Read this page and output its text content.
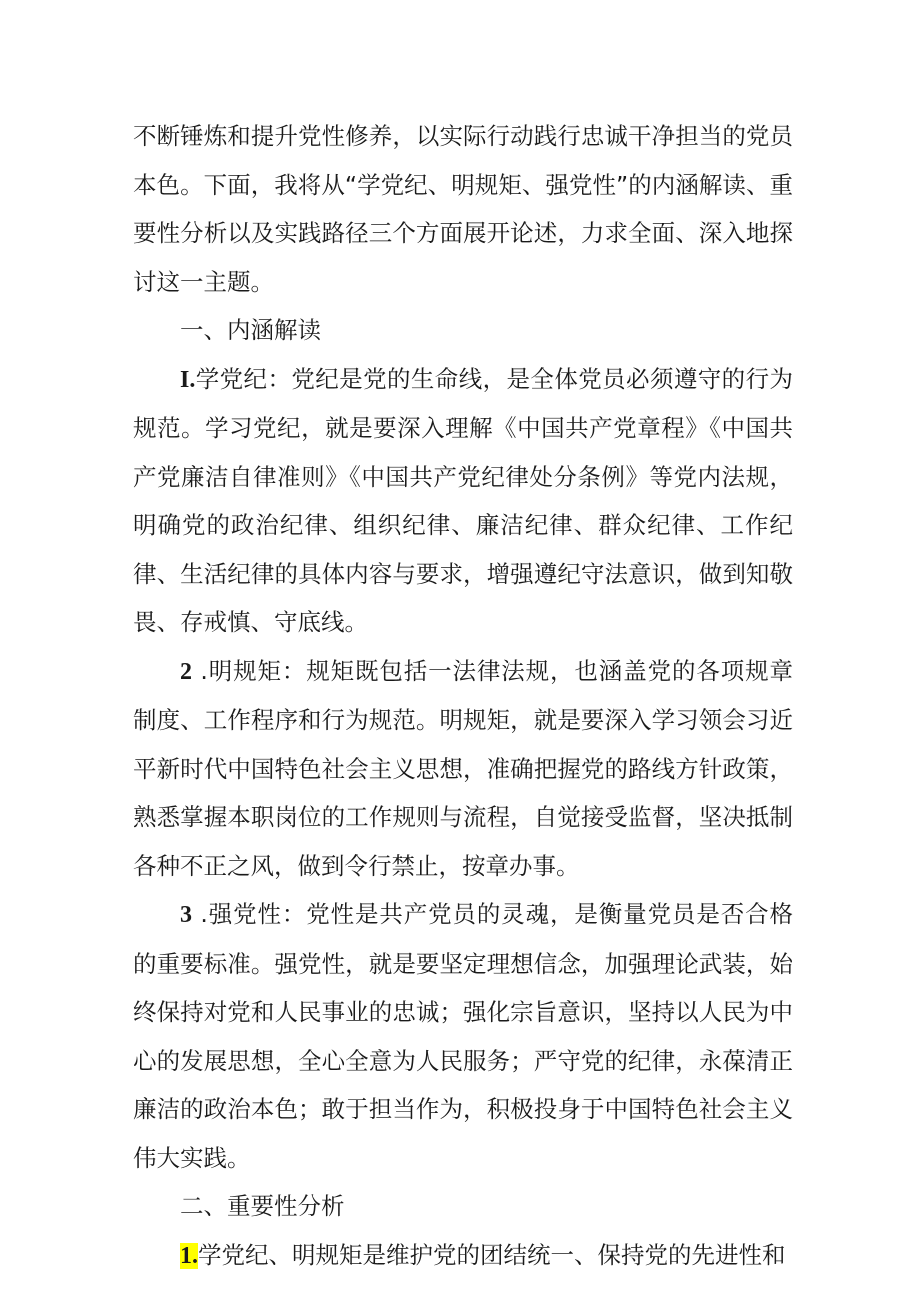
不断锤炼和提升党性修养，以实际行动践行忠诚干净担当的党员本色。下面，我将从“学党纪、明规矩、强党性”的内涵解读、重要性分析以及实践路径三个方面展开论述，力求全面、深入地探讨这一主题。

一、内涵解读

I.学党纪：党纪是党的生命线，是全体党员必须遵守的行为规范。学习党纪，就是要深入理解《中国共产党章程》《中国共产党廉洁自律准则》《中国共产党纪律处分条例》等党内法规，明确党的政治纪律、组织纪律、廉洁纪律、群众纪律、工作纪律、生活纪律的具体内容与要求，增强遵纪守法意识，做到知敬畏、存戒慎、守底线。

2 .明规矩：规矩既包括一法律法规，也涵盖党的各项规章制度、工作程序和行为规范。明规矩，就是要深入学习领会习近平新时代中国特色社会主义思想，准确把握党的路线方针政策，熟悉掌握本职岗位的工作规则与流程，自觉接受监督，坚决抵制各种不正之风，做到令行禁止，按章办事。

3 .强党性：党性是共产党员的灵魂，是衡量党员是否合格的重要标准。强党性，就是要坚定理想信念，加强理论武装，始终保持对党和人民事业的忠诚；强化宗旨意识，坚持以人民为中心的发展思想，全心全意为人民服务；严守党的纪律，永葆清正廉洁的政治本色；敢于担当作为，积极投身于中国特色社会主义伟大实践。

二、重要性分析

1.学党纪、明规矩是维护党的团结统一、保持党的先进性和
